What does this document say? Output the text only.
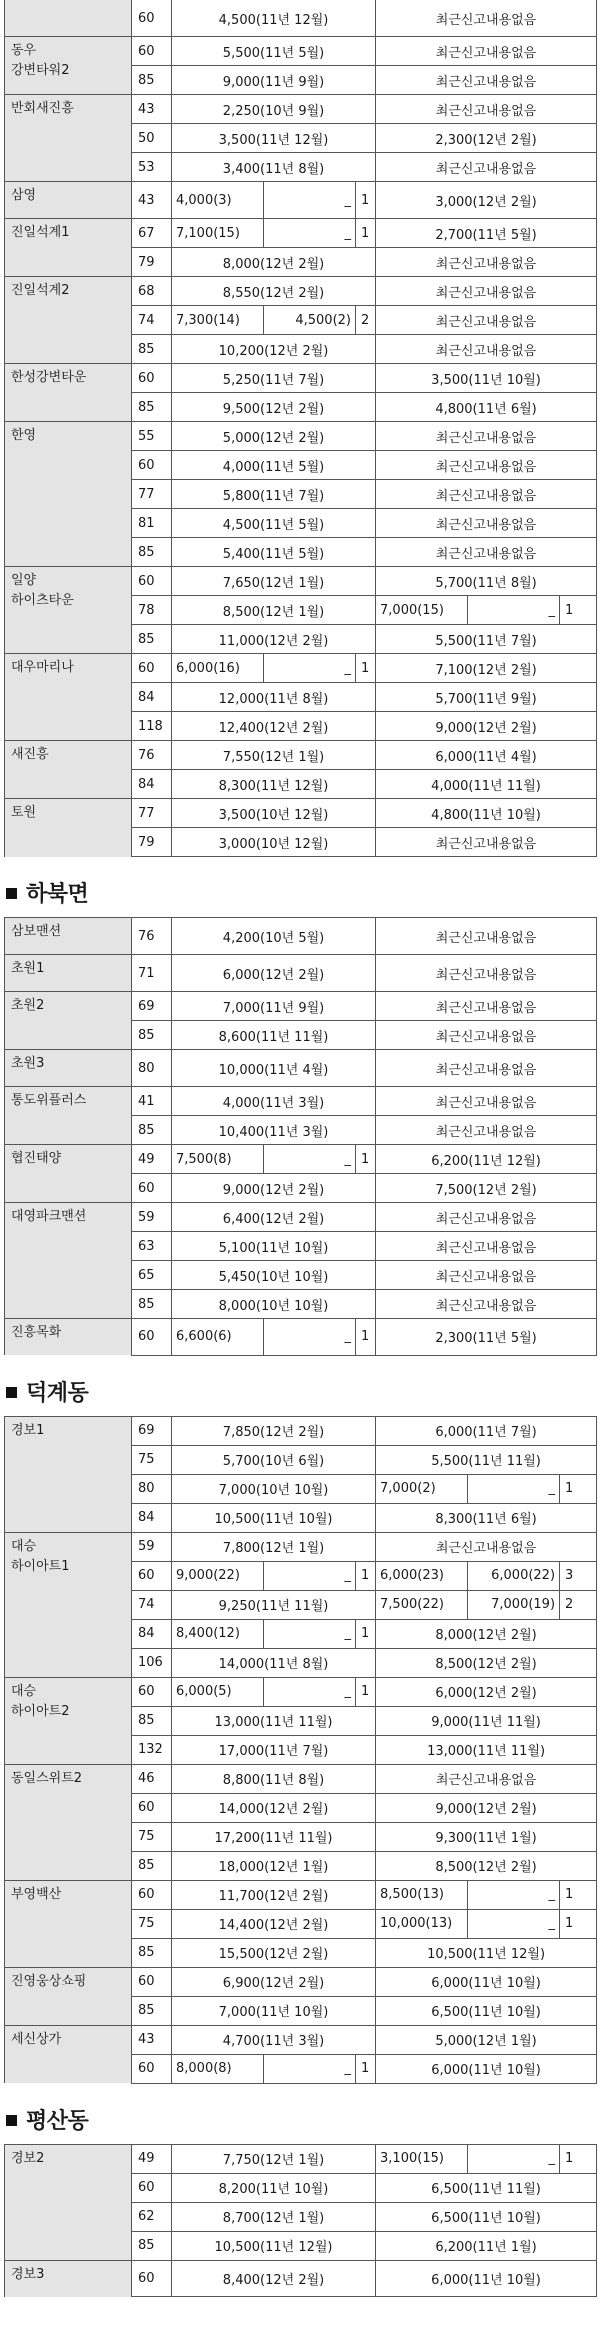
	60	4,500(11년 12월)			최근신고내용없음		

동우
강변타워2	60	5,500(11년 5월)			최근신고내용없음		
	85	9,000(11년 9월)			최근신고내용없음		

반회새진흥	43	2,250(10년 9월)			최근신고내용없음		
	50	3,500(11년 12월)			2,300(12년 2월)		
	53	3,400(11년 8월)			최근신고내용없음		

삼영	43	4,000(3)	_	1	3,000(12년 2월)		

진일석계1	67	7,100(15)	_	1	2,700(11년 5월)		
	79	8,000(12년 2월)			최근신고내용없음		

진일석계2	68	8,550(12년 2월)			최근신고내용없음		
	74	7,300(14)	4,500(2)	2	최근신고내용없음		
	85	10,200(12년 2월)			최근신고내용없음		

한성강변타운	60	5,250(11년 7월)			3,500(11년 10월)		
	85	9,500(12년 2월)			4,800(11년 6월)		

한영	55	5,000(12년 2월)			최근신고내용없음		
	60	4,000(11년 5월)			최근신고내용없음		
	77	5,800(11년 7월)			최근신고내용없음		
	81	4,500(11년 5월)			최근신고내용없음		
	85	5,400(11년 5월)			최근신고내용없음		

일양
하이츠타운	60	7,650(12년 1월)			5,700(11년 8월)		
	78	8,500(12년 1월)			7,000(15)	_	1
	85	11,000(12년 2월)			5,500(11년 7월)		

대우마리나	60	6,000(16)	_	1	7,100(12년 2월)		
	84	12,000(11년 8월)			5,700(11년 9월)		
	118	12,400(12년 2월)			9,000(12년 2월)		

새진흥	76	7,550(12년 1월)			6,000(11년 4월)		
	84	8,300(11년 12월)			4,000(11년 11월)		

토원	77	3,500(10년 12월)			4,800(11년 10월)		
	79	3,000(10년 12월)			최근신고내용없음		
하북면
삼보맨션	76	4,200(10년 5월)			최근신고내용없음

초원1	71	6,000(12년 2월)			최근신고내용없음

초원2	69	7,000(11년 9월)			최근신고내용없음
	85	8,600(11년 11월)			최근신고내용없음

초원3	80	10,000(11년 4월)			최근신고내용없음

통도위플러스	41	4,000(11년 3월)			최근신고내용없음
	85	10,400(11년 3월)			최근신고내용없음

협진태양	49	7,500(8)	_	1	6,200(11년 12월)
	60	9,000(12년 2월)			7,500(12년 2월)

대영파크맨션	59	6,400(12년 2월)			최근신고내용없음
	63	5,100(11년 10월)			최근신고내용없음
	65	5,450(10년 10월)			최근신고내용없음
	85	8,000(10년 10월)			최근신고내용없음

진흥목화	60	6,600(6)	_	1	2,300(11년 5월)
덕계동
경보1	69	7,850(12년 2월)			6,000(11년 7월)		
	75	5,700(10년 6월)			5,500(11년 11월)		
	80	7,000(10년 10월)			7,000(2)	_	1
	84	10,500(11년 10월)			8,300(11년 6월)		

대승
하이아트1	59	7,800(12년 1월)			최근신고내용없음		
	60	9,000(22)	_	1	6,000(23)	6,000(22)	3
	74	9,250(11년 11월)			7,500(22)	7,000(19)	2
	84	8,400(12)	_	1	8,000(12년 2월)		
	106	14,000(11년 8월)			8,500(12년 2월)		

대승
하이아트2	60	6,000(5)	_	1	6,000(12년 2월)		
	85	13,000(11년 11월)			9,000(11년 11월)		
	132	17,000(11년 7월)			13,000(11년 11월)		

동일스위트2	46	8,800(11년 8월)			최근신고내용없음		
	60	14,000(12년 2월)			9,000(12년 2월)		
	75	17,200(11년 11월)			9,300(11년 1월)		
	85	18,000(12년 1월)			8,500(12년 2월)		

부영백산	60	11,700(12년 2월)			8,500(13)	_	1
	75	14,400(12년 2월)			10,000(13)	_	1
	85	15,500(12년 2월)			10,500(11년 12월)		

진영웅상쇼핑	60	6,900(12년 2월)			6,000(11년 10월)		
	85	7,000(11년 10월)			6,500(11년 10월)		

세신상가	43	4,700(11년 3월)			5,000(12년 1월)		
	60	8,000(8)	_	1	6,000(11년 10월)		
평산동
경보2	49	7,750(12년 1월)	3,100(15)	_	1
	60	8,200(11년 10월)	6,500(11년 11월)		
	62	8,700(12년 1월)	6,500(11년 10월)		
	85	10,500(11년 12월)	6,200(11년 1월)		

경보3	60	8,400(12년 2월)	6,000(11년 10월)		
